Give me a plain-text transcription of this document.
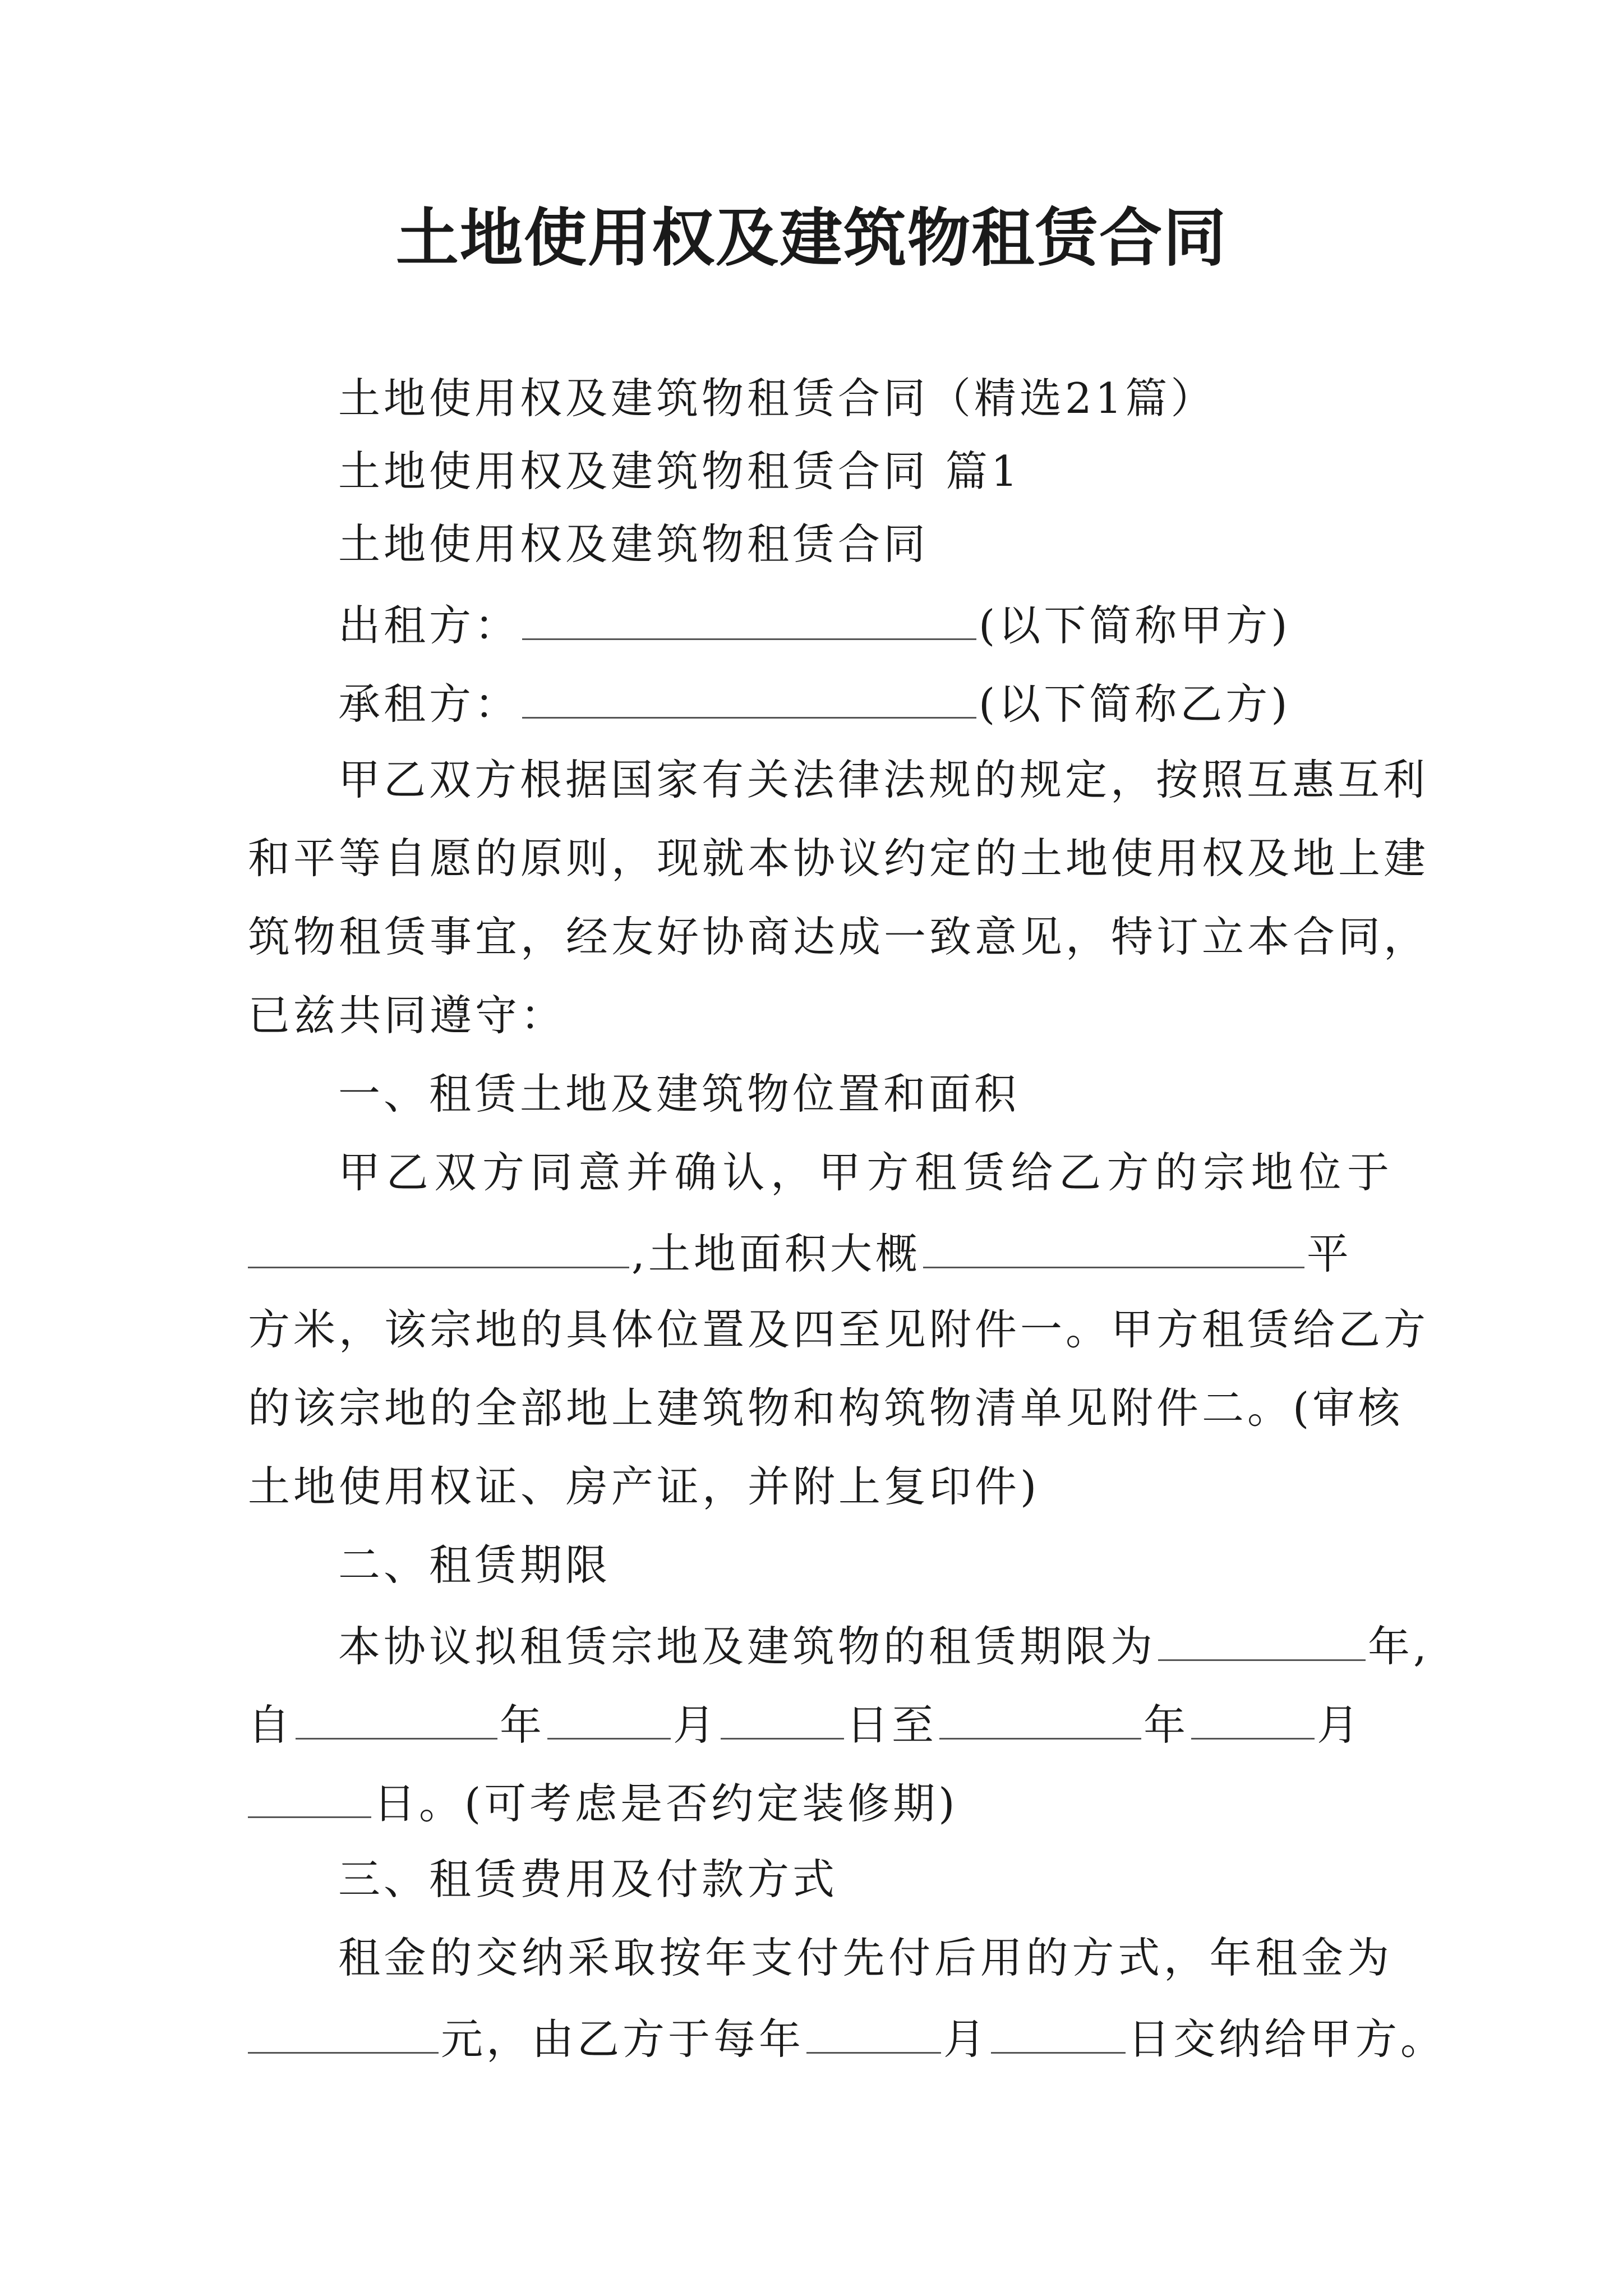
土地使用权及建筑物租赁合同
土地使用权及建筑物租赁合同（精选21篇）
土地使用权及建筑物租赁合同 篇1
土地使用权及建筑物租赁合同
出租方：	(以下简称甲方)
承租方：	(以下简称乙方)
甲乙双方根据国家有关法律法规的规定，按照互惠互利
和平等自愿的原则，现就本协议约定的土地使用权及地上建
筑物租赁事宜，经友好协商达成一致意见，特订立本合同，
已兹共同遵守：
一、租赁土地及建筑物位置和面积
甲乙双方同意并确认，甲方租赁给乙方的宗地位于
,土地面积大概	平
方米，该宗地的具体位置及四至见附件一。甲方租赁给乙方
的该宗地的全部地上建筑物和构筑物清单见附件二。(审核
土地使用权证、房产证，并附上复印件)
二、租赁期限
本协议拟租赁宗地及建筑物的租赁期限为	年,
自	年	月	日至	年	月
日。(可考虑是否约定装修期)
三、租赁费用及付款方式
租金的交纳采取按年支付先付后用的方式，年租金为
元，由乙方于每年	月	日交纳给甲方。
